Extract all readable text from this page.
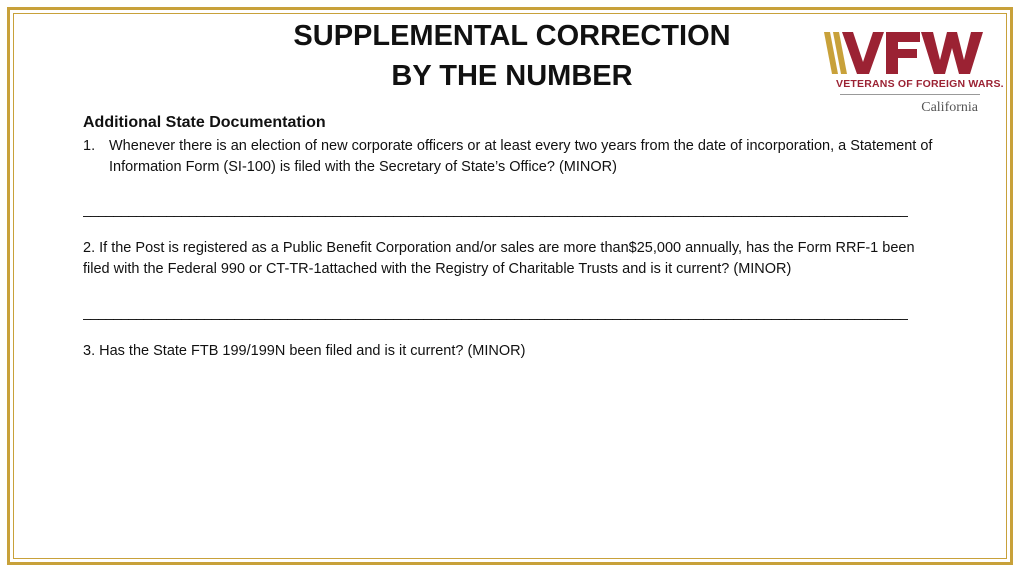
SUPPLEMENTAL CORRECTION
BY THE NUMBER	VETERANS OF FOREIGN WARS.
California
Additional State Documentation
1. Whenever there is an election of new corporate officers or at least every two years from the date of incorporation, a Statement of Information Form (SI-100) is filed with the Secretary of State’s Office? (MINOR)
_____________________________________________________________________________________________________________
2. If the Post is registered as a Public Benefit Corporation and/or sales are more than$25,000 annually, has the Form RRF-1 been filed with the Federal 990 or CT-TR-1attached with the Registry of Charitable Trusts and is it current? (MINOR)
_____________________________________________________________________________________________________________
3. Has the State FTB 199/199N been filed and is it current? (MINOR)
